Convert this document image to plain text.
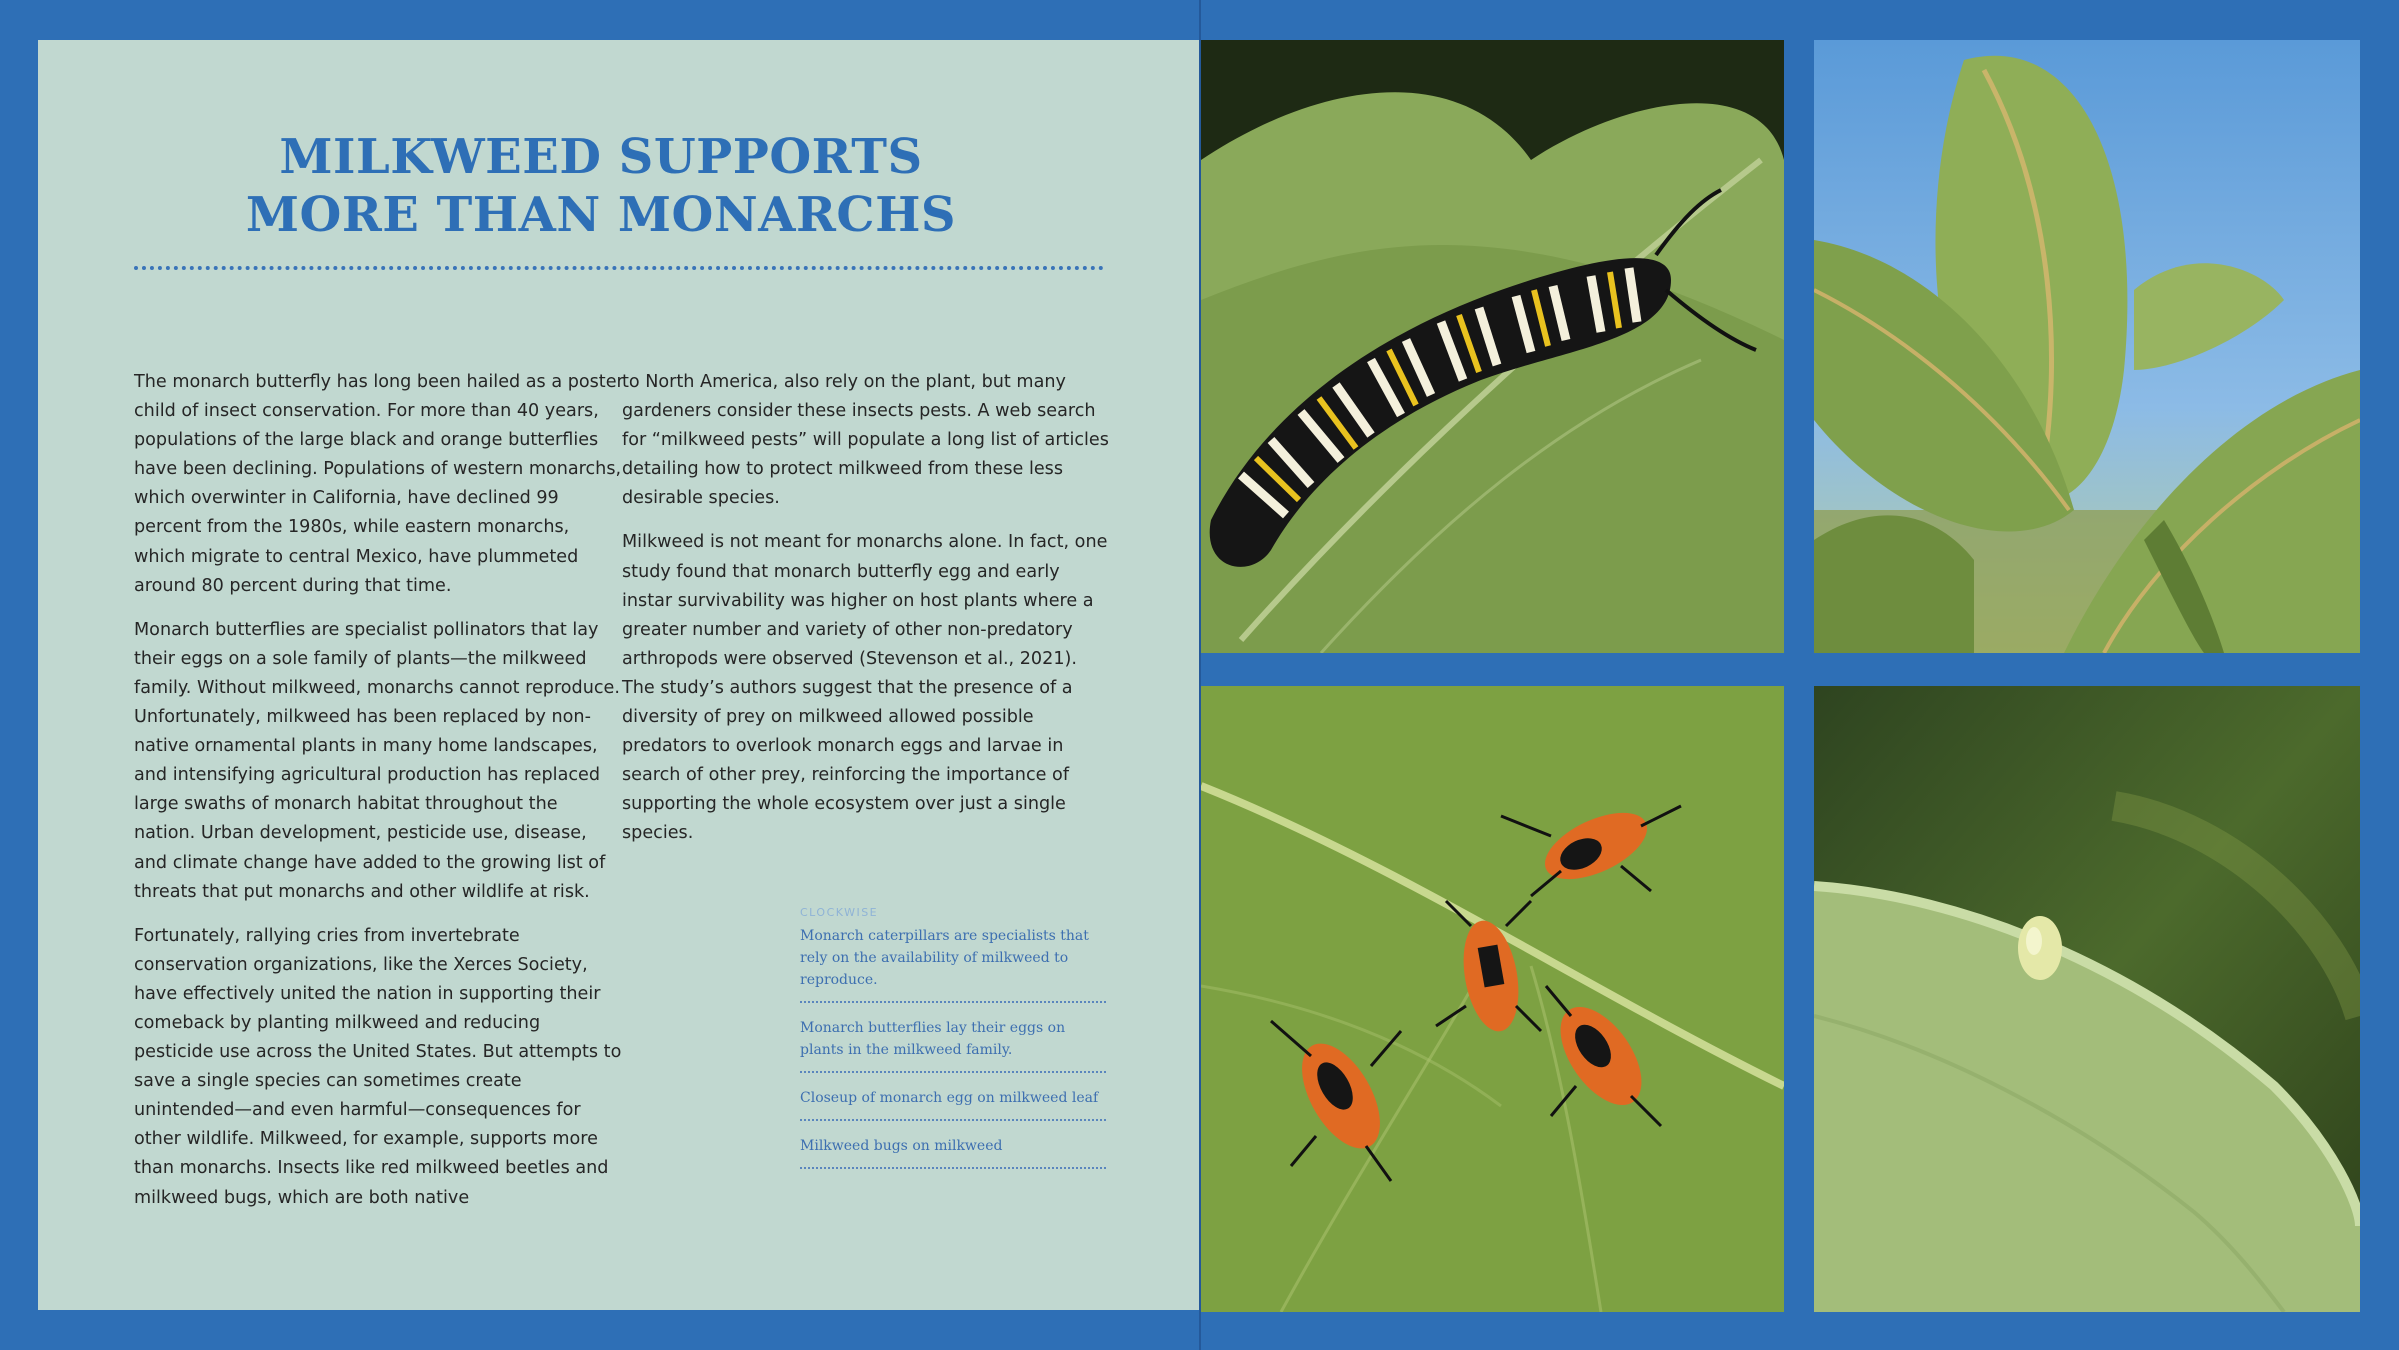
MILKWEED SUPPORTS
MORE THAN MONARCHS

The monarch butterfly has long been hailed as a poster child of insect conservation. For more than 40 years, populations of the large black and orange butterflies have been declining. Populations of western monarchs, which overwinter in California, have declined 99 percent from the 1980s, while eastern monarchs, which migrate to central Mexico, have plummeted around 80 percent during that time.

Monarch butterflies are specialist pollinators that lay their eggs on a sole family of plants—the milkweed family. Without milkweed, monarchs cannot reproduce. Unfortunately, milkweed has been replaced by non-native ornamental plants in many home landscapes, and intensifying agricultural production has replaced large swaths of monarch habitat throughout the nation. Urban development, pesticide use, disease, and climate change have added to the growing list of threats that put monarchs and other wildlife at risk.

Fortunately, rallying cries from invertebrate conservation organizations, like the Xerces Society, have effectively united the nation in supporting their comeback by planting milkweed and reducing pesticide use across the United States. But attempts to save a single species can sometimes create unintended—and even harmful—consequences for other wildlife. Milkweed, for example, supports more than monarchs. Insects like red milkweed beetles and milkweed bugs, which are both native

to North America, also rely on the plant, but many gardeners consider these insects pests. A web search for “milkweed pests” will populate a long list of articles detailing how to protect milkweed from these less desirable species.

Milkweed is not meant for monarchs alone. In fact, one study found that monarch butterfly egg and early instar survivability was higher on host plants where a greater number and variety of other non-predatory arthropods were observed (Stevenson et al., 2021). The study’s authors suggest that the presence of a diversity of prey on milkweed allowed possible predators to overlook monarch eggs and larvae in search of other prey, reinforcing the importance of supporting the whole ecosystem over just a single species.

CLOCKWISE
Monarch caterpillars are specialists that rely on the availability of milkweed to reproduce.
Monarch butterflies lay their eggs on plants in the milkweed family.
Closeup of monarch egg on milkweed leaf
Milkweed bugs on milkweed
